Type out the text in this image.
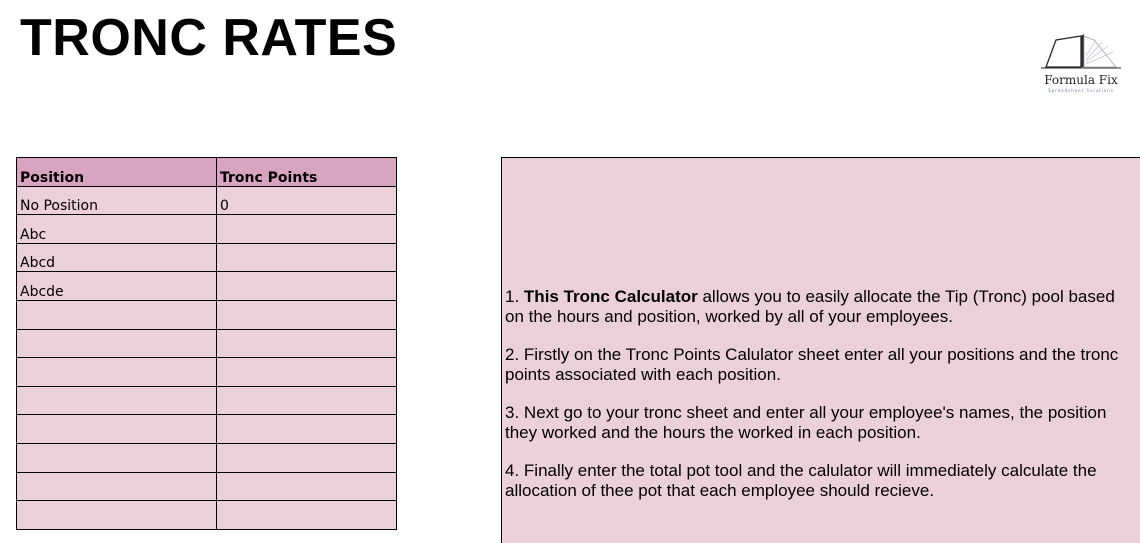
TRONC RATES
Formula Fix
Spreadsheet Solutions
Position	Tronc Points
No Position	0
Abc	
Abcd	
Abcde	

		1. This Tronc Calculator allows you to easily allocate the Tip (Tronc) pool based on the hours and position, worked by all of your employees.
2. Firstly on the Tronc Points Calulator sheet enter all your positions and the tronc points associated with each position.
3. Next go to your tronc sheet and enter all your employee's names, the position they worked and the hours the worked in each position.
4. Finally enter the total pot tool and the calulator will immediately calculate the allocation of thee pot that each employee should recieve.
